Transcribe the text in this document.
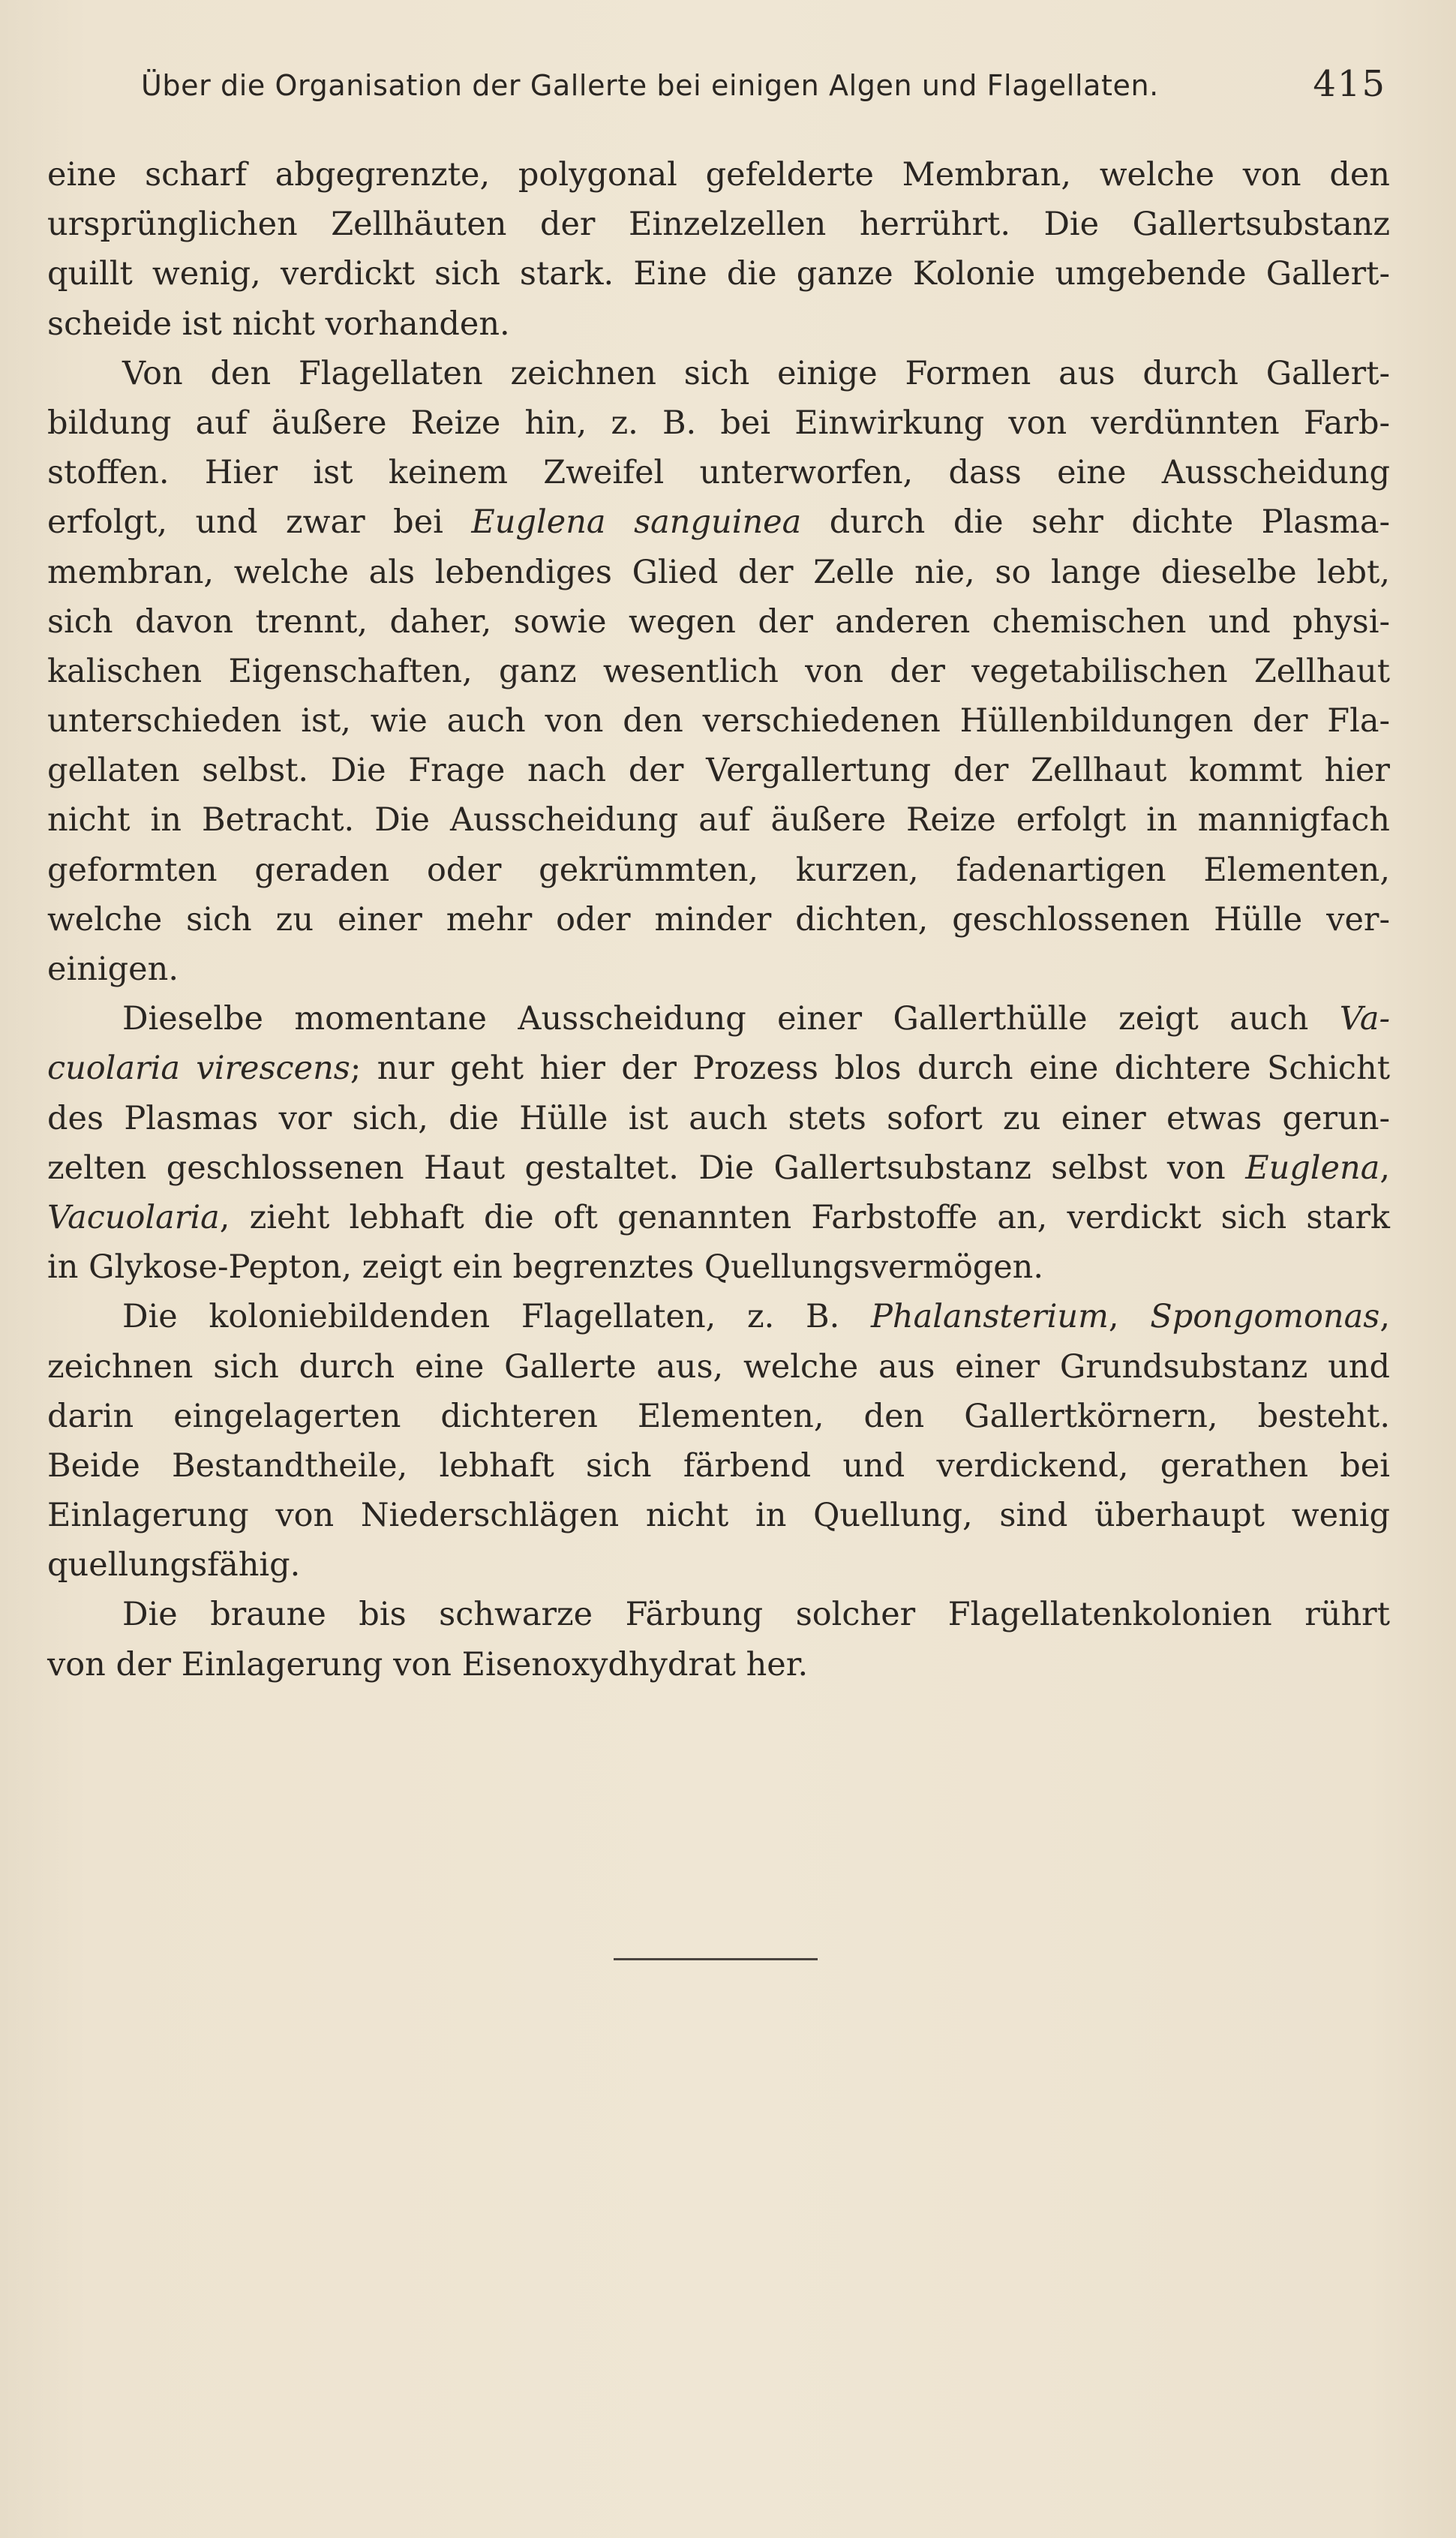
Über die Organisation der Gallerte bei einigen Algen und Flagellaten.	415
eine scharf abgegrenzte, polygonal gefelderte Membran, welche von den
ursprünglichen Zellhäuten der Einzelzellen herrührt. Die Gallertsubstanz
quillt wenig, verdickt sich stark. Eine die ganze Kolonie umgebende Gallert-
scheide ist nicht vorhanden.
Von den Flagellaten zeichnen sich einige Formen aus durch Gallert-
bildung auf äußere Reize hin, z. B. bei Einwirkung von verdünnten Farb-
stoffen. Hier ist keinem Zweifel unterworfen, dass eine Ausscheidung
erfolgt, und zwar bei Euglena sanguinea durch die sehr dichte Plasma-
membran, welche als lebendiges Glied der Zelle nie, so lange dieselbe lebt,
sich davon trennt, daher, sowie wegen der anderen chemischen und physi-
kalischen Eigenschaften, ganz wesentlich von der vegetabilischen Zellhaut
unterschieden ist, wie auch von den verschiedenen Hüllenbildungen der Fla-
gellaten selbst. Die Frage nach der Vergallertung der Zellhaut kommt hier
nicht in Betracht. Die Ausscheidung auf äußere Reize erfolgt in mannigfach
geformten geraden oder gekrümmten, kurzen, fadenartigen Elementen,
welche sich zu einer mehr oder minder dichten, geschlossenen Hülle ver-
einigen.
Dieselbe momentane Ausscheidung einer Gallerthülle zeigt auch Va-
cuolaria virescens; nur geht hier der Prozess blos durch eine dichtere Schicht
des Plasmas vor sich, die Hülle ist auch stets sofort zu einer etwas gerun-
zelten geschlossenen Haut gestaltet. Die Gallertsubstanz selbst von Euglena,
Vacuolaria, zieht lebhaft die oft genannten Farbstoffe an, verdickt sich stark
in Glykose-Pepton, zeigt ein begrenztes Quellungsvermögen.
Die koloniebildenden Flagellaten, z. B. Phalansterium, Spongomonas,
zeichnen sich durch eine Gallerte aus, welche aus einer Grundsubstanz und
darin eingelagerten dichteren Elementen, den Gallertkörnern, besteht.
Beide Bestandtheile, lebhaft sich färbend und verdickend, gerathen bei
Einlagerung von Niederschlägen nicht in Quellung, sind überhaupt wenig
quellungsfähig.
Die braune bis schwarze Färbung solcher Flagellatenkolonien rührt
von der Einlagerung von Eisenoxydhydrat her.
